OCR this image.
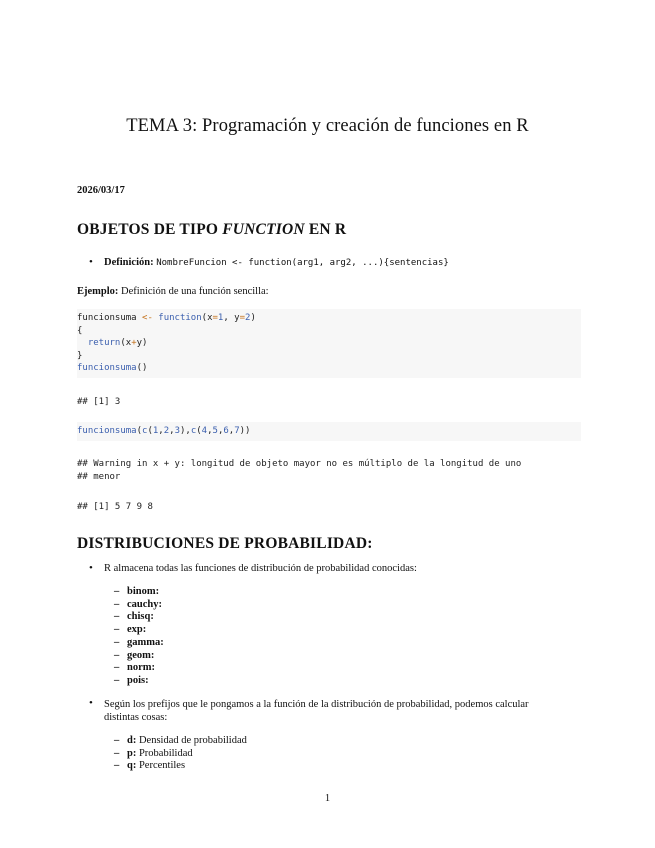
TEMA 3: Programación y creación de funciones en R
2026/03/17
OBJETOS DE TIPO FUNCTION EN R
• Definición: NombreFuncion <- function(arg1, arg2, ...){sentencias}
Ejemplo: Definición de una función sencilla:
funcionsuma <- function(x=1, y=2)
{
return(x+y)
}
funcionsuma()
## [1] 3
funcionsuma(c(1,2,3),c(4,5,6,7))
## Warning in x + y: longitud de objeto mayor no es múltiplo de la longitud de uno
## menor
## [1] 5 7 9 8
DISTRIBUCIONES DE PROBABILIDAD:
• R almacena todas las funciones de distribución de probabilidad conocidas:
– binom:
– cauchy:
– chisq:
– exp:
– gamma:
– geom:
– norm:
– pois:
• Según los prefijos que le pongamos a la función de la distribución de probabilidad, podemos calcular
distintas cosas:
– d: Densidad de probabilidad
– p: Probabilidad
– q: Percentiles
1
